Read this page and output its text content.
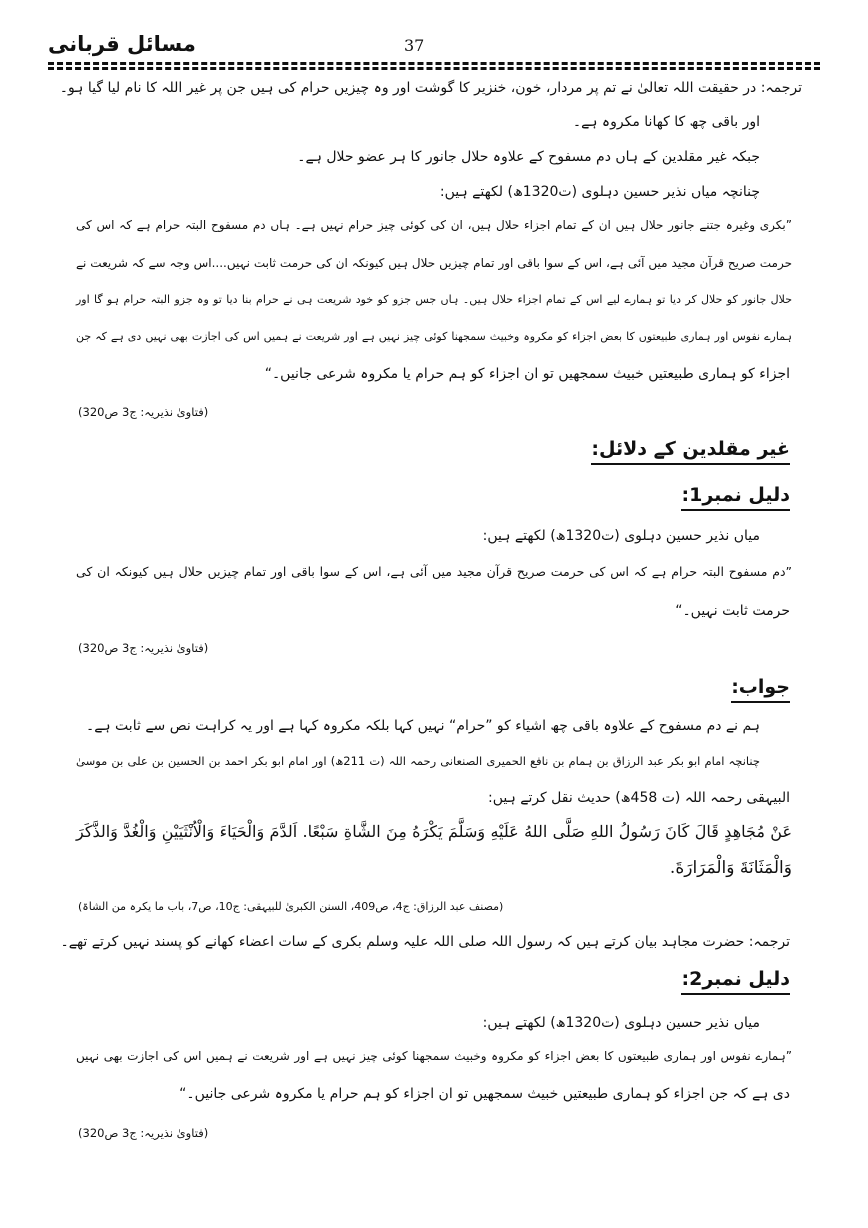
مسائل قربانی	37
ترجمہ: در حقیقت اللہ تعالیٰ نے تم پر مردار، خون، خنزیر کا گوشت اور وہ چیزیں حرام کی ہیں جن پر غیر اللہ کا نام لیا گیا ہو۔
اور باقی چھ کا کھانا مکروہ ہے۔
جبکہ غیر مقلدین کے ہاں دم مسفوح کے علاوہ حلال جانور کا ہر عضو حلال ہے۔
چنانچہ میاں نذیر حسین دہلوی (ت1320ھ) لکھتے ہیں:
”بکری وغیرہ جتنے جانور حلال ہیں ان کے تمام اجزاء حلال ہیں، ان کی کوئی چیز حرام نہیں ہے۔ ہاں دم مسفوح البتہ حرام ہے کہ اس کی
حرمت صریح قرآن مجید میں آئی ہے، اس کے سوا باقی اور تمام چیزیں حلال ہیں کیونکہ ان کی حرمت ثابت نہیں....اس وجہ سے کہ شریعت نے
حلال جانور کو حلال کر دیا تو ہمارے لیے اس کے تمام اجزاء حلال ہیں۔ ہاں جس جزو کو خود شریعت ہی نے حرام بنا دیا تو وہ جزو البتہ حرام ہو گا اور
ہمارے نفوس اور ہماری طبیعتوں کا بعض اجزاء کو مکروہ وخبیث سمجھنا کوئی چیز نہیں ہے اور شریعت نے ہمیں اس کی اجازت بھی نہیں دی ہے کہ جن
اجزاء کو ہماری طبیعتیں خبیث سمجھیں تو ان اجزاء کو ہم حرام یا مکروہ شرعی جانیں۔“
(فتاویٰ نذیریہ: ج3 ص320)
غیر مقلدین کے دلائل:
دلیل نمبر1:
میاں نذیر حسین دہلوی (ت1320ھ) لکھتے ہیں:
”دم مسفوح البتہ حرام ہے کہ اس کی حرمت صریح قرآن مجید میں آئی ہے، اس کے سوا باقی اور تمام چیزیں حلال ہیں کیونکہ ان کی
حرمت ثابت نہیں۔“
(فتاویٰ نذیریہ: ج3 ص320)
جواب:
ہم نے دم مسفوح کے علاوہ باقی چھ اشیاء کو ”حرام“ نہیں کہا بلکہ مکروہ کہا ہے اور یہ کراہت نص سے ثابت ہے۔
چنانچہ امام ابو بکر عبد الرزاق بن ہمام بن نافع الحمیری الصنعانی رحمہ اللہ (ت 211ھ) اور امام ابو بکر احمد بن الحسین بن علی بن موسیٰ
البیہقی رحمہ اللہ (ت 458ھ) حدیث نقل کرتے ہیں:
عَنْ مُجَاهِدٍ قَالَ كَانَ رَسُولُ اللهِ صَلَّى اللهُ عَلَيْهِ وَسَلَّمَ يَكْرَهُ مِنَ الشَّاةِ سَبْعًا. اَلدَّمَ وَالْحَيَاءَ وَالْاُنْثَيَيْنِ وَالْغُدَّ وَالذَّكَرَ
وَالْمَثَانَةَ وَالْمَرَارَةَ.
(مصنف عبد الرزاق: ج4، ص409، السنن الکبریٰ للبیہقی: ج10، ص7، باب ما یکرہ من الشاۃ)
ترجمہ: حضرت مجاہد بیان کرتے ہیں کہ رسول اللہ صلی اللہ علیہ وسلم بکری کے سات اعضاء کھانے کو پسند نہیں کرتے تھے۔
دلیل نمبر2:
میاں نذیر حسین دہلوی (ت1320ھ) لکھتے ہیں:
”ہمارے نفوس اور ہماری طبیعتوں کا بعض اجزاء کو مکروہ وخبیث سمجھنا کوئی چیز نہیں ہے اور شریعت نے ہمیں اس کی اجازت بھی نہیں
دی ہے کہ جن اجزاء کو ہماری طبیعتیں خبیث سمجھیں تو ان اجزاء کو ہم حرام یا مکروہ شرعی جانیں۔“
(فتاویٰ نذیریہ: ج3 ص320)
